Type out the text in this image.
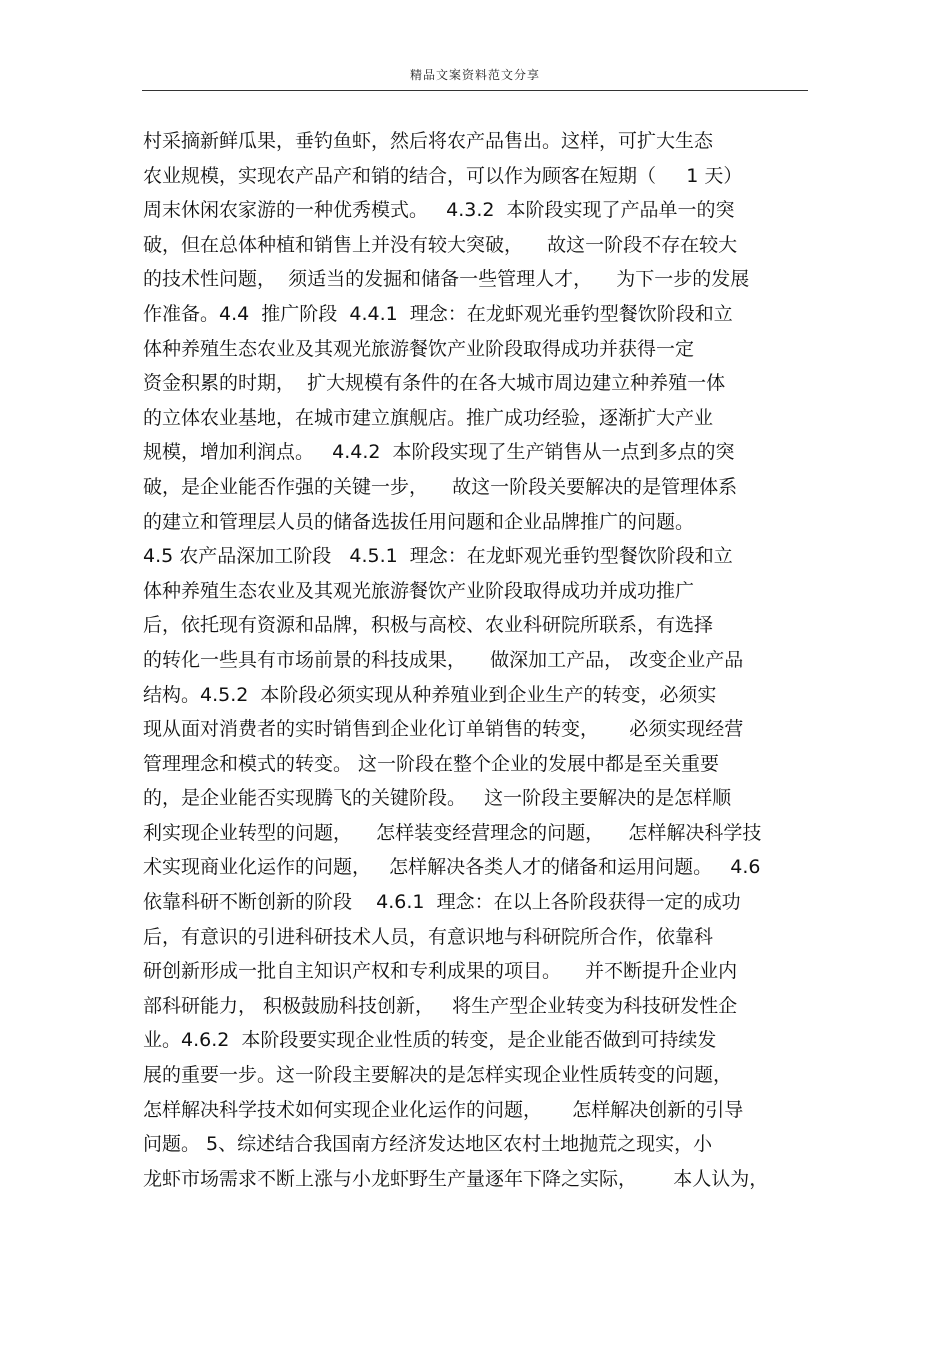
精品文案资料范文分享
村采摘新鲜瓜果，垂钓鱼虾，然后将农产品售出。这样，可扩大生态
农业规模，实现农产品产和销的结合，可以作为顾客在短期（     1 天）
周末休闲农家游的一种优秀模式。   4.3.2  本阶段实现了产品单一的突
破，但在总体种植和销售上并没有较大突破，    故这一阶段不存在较大
的技术性问题，  须适当的发掘和储备一些管理人才，    为下一步的发展
作准备。4.4  推广阶段  4.4.1  理念：在龙虾观光垂钓型餐饮阶段和立
体种养殖生态农业及其观光旅游餐饮产业阶段取得成功并获得一定
资金积累的时期，  扩大规模有条件的在各大城市周边建立种养殖一体
的立体农业基地，在城市建立旗舰店。推广成功经验，逐渐扩大产业
规模，增加利润点。   4.4.2  本阶段实现了生产销售从一点到多点的突
破，是企业能否作强的关键一步，    故这一阶段关要解决的是管理体系
的建立和管理层人员的储备选拔任用问题和企业品牌推广的问题。
4.5 农产品深加工阶段   4.5.1  理念：在龙虾观光垂钓型餐饮阶段和立
体种养殖生态农业及其观光旅游餐饮产业阶段取得成功并成功推广
后，依托现有资源和品牌，积极与高校、农业科研院所联系，有选择
的转化一些具有市场前景的科技成果，    做深加工产品， 改变企业产品
结构。4.5.2  本阶段必须实现从种养殖业到企业生产的转变，必须实
现从面对消费者的实时销售到企业化订单销售的转变，     必须实现经营
管理理念和模式的转变。 这一阶段在整个企业的发展中都是至关重要
的，是企业能否实现腾飞的关键阶段。   这一阶段主要解决的是怎样顺
利实现企业转型的问题，    怎样装变经营理念的问题，    怎样解决科学技
术实现商业化运作的问题，   怎样解决各类人才的储备和运用问题。   4.6
依靠科研不断创新的阶段    4.6.1  理念：在以上各阶段获得一定的成功
后，有意识的引进科研技术人员，有意识地与科研院所合作，依靠科
研创新形成一批自主知识产权和专利成果的项目。    并不断提升企业内
部科研能力， 积极鼓励科技创新，   将生产型企业转变为科技研发性企
业。4.6.2  本阶段要实现企业性质的转变，是企业能否做到可持续发
展的重要一步。这一阶段主要解决的是怎样实现企业性质转变的问题，
怎样解决科学技术如何实现企业化运作的问题，     怎样解决创新的引导
问题。 5、综述结合我国南方经济发达地区农村土地抛荒之现实，小
龙虾市场需求不断上涨与小龙虾野生产量逐年下降之实际，      本人认为，
